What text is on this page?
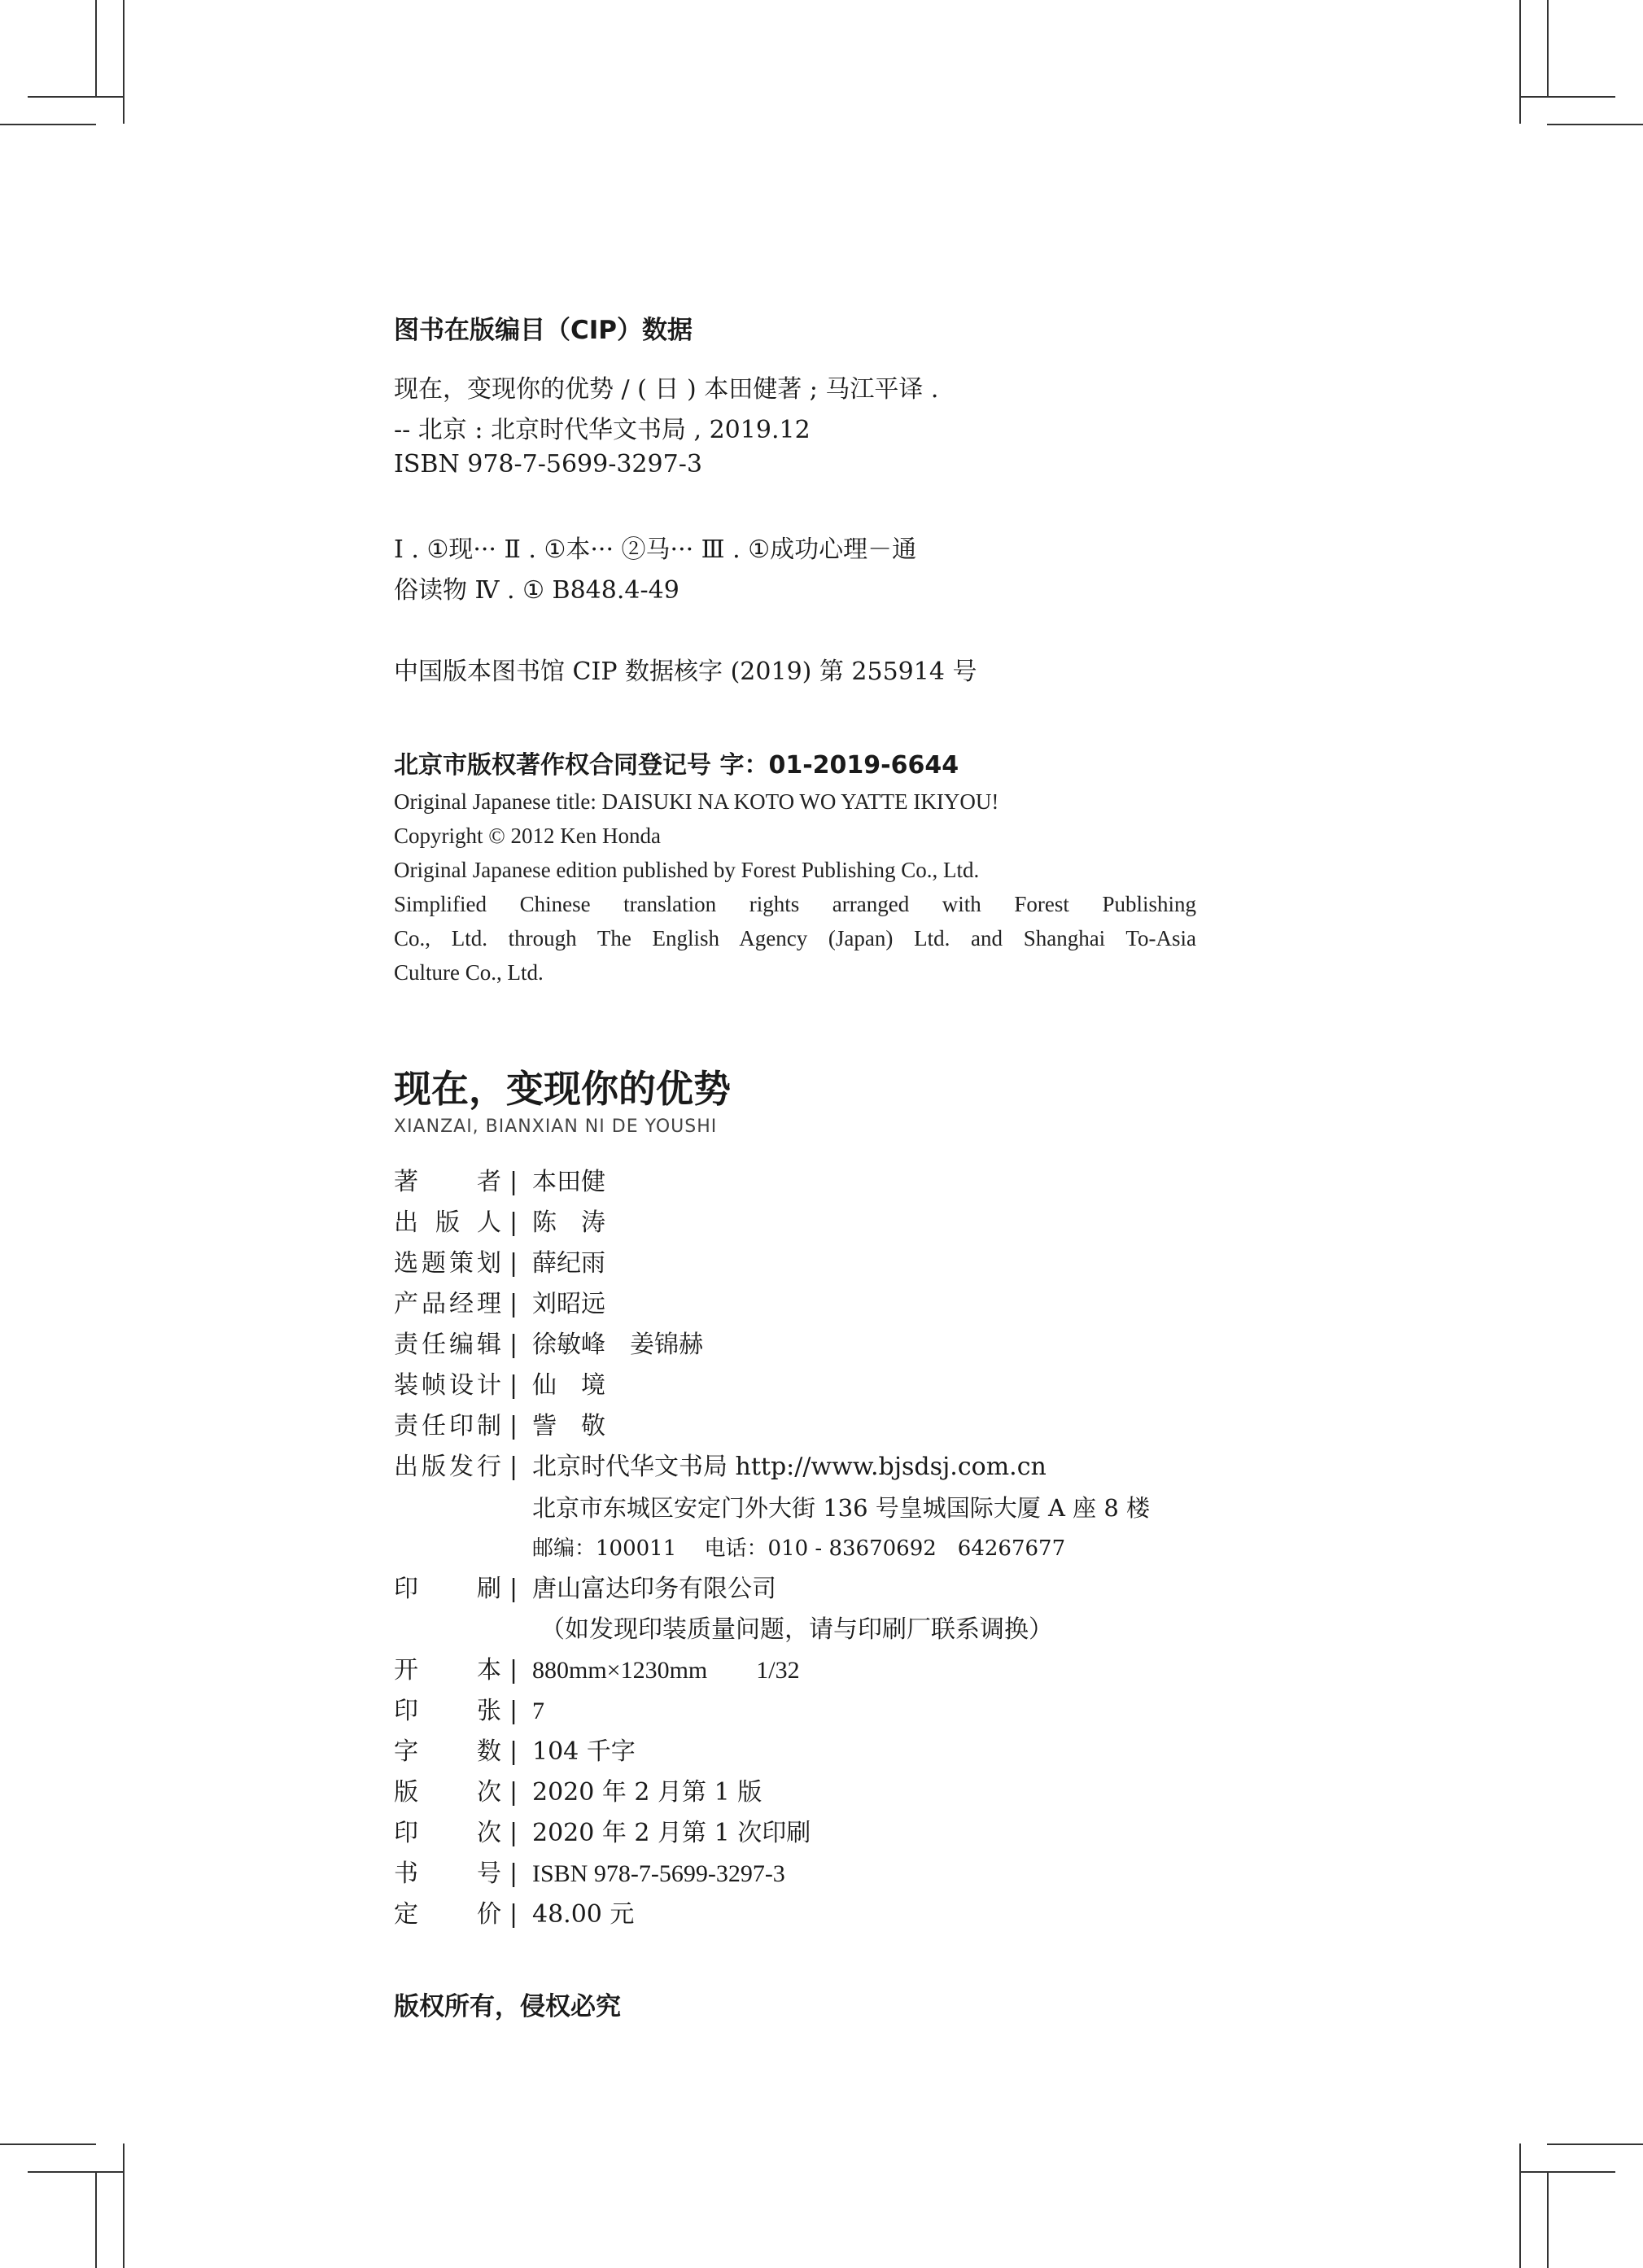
图书在版编目（CIP）数据
现在，变现你的优势 / ( 日 ) 本田健著 ; 马江平译 .
-- 北京 : 北京时代华文书局 , 2019.12
ISBN 978-7-5699-3297-3
Ⅰ . ①现··· Ⅱ . ①本··· ②马··· Ⅲ . ①成功心理－通
俗读物 Ⅳ . ① B848.4-49
中国版本图书馆 CIP 数据核字 (2019) 第 255914 号
北京市版权著作权合同登记号 字：01-2019-6644
Original Japanese title: DAISUKI NA KOTO WO YATTE IKIYOU!
Copyright © 2012 Ken Honda
Original Japanese edition published by Forest Publishing Co., Ltd.
Simplified Chinese translation rights arranged with Forest Publishing
Co., Ltd. through The English Agency (Japan) Ltd. and Shanghai To-Asia
Culture Co., Ltd.
现在，变现你的优势
XIANZAI, BIANXIAN NI DE YOUSHI
著者 | 本田健
出版人 | 陈　涛
选题策划 | 薛纪雨
产品经理 | 刘昭远
责任编辑 | 徐敏峰　姜锦赫
装帧设计 | 仙　境
责任印制 | 訾　敬
出版发行 | 北京时代华文书局 http://www.bjsdsj.com.cn
北京市东城区安定门外大街 136 号皇城国际大厦 A 座 8 楼
邮编：100011　 电话：010 - 83670692　64267677
印刷 | 唐山富达印务有限公司
（如发现印装质量问题，请与印刷厂联系调换）
开本 | 880mm×1230mm　　1/32
印张 | 7
字数 | 104 千字
版次 | 2020 年 2 月第 1 版
印次 | 2020 年 2 月第 1 次印刷
书号 | ISBN 978-7-5699-3297-3
定价 | 48.00 元
版权所有，侵权必究
